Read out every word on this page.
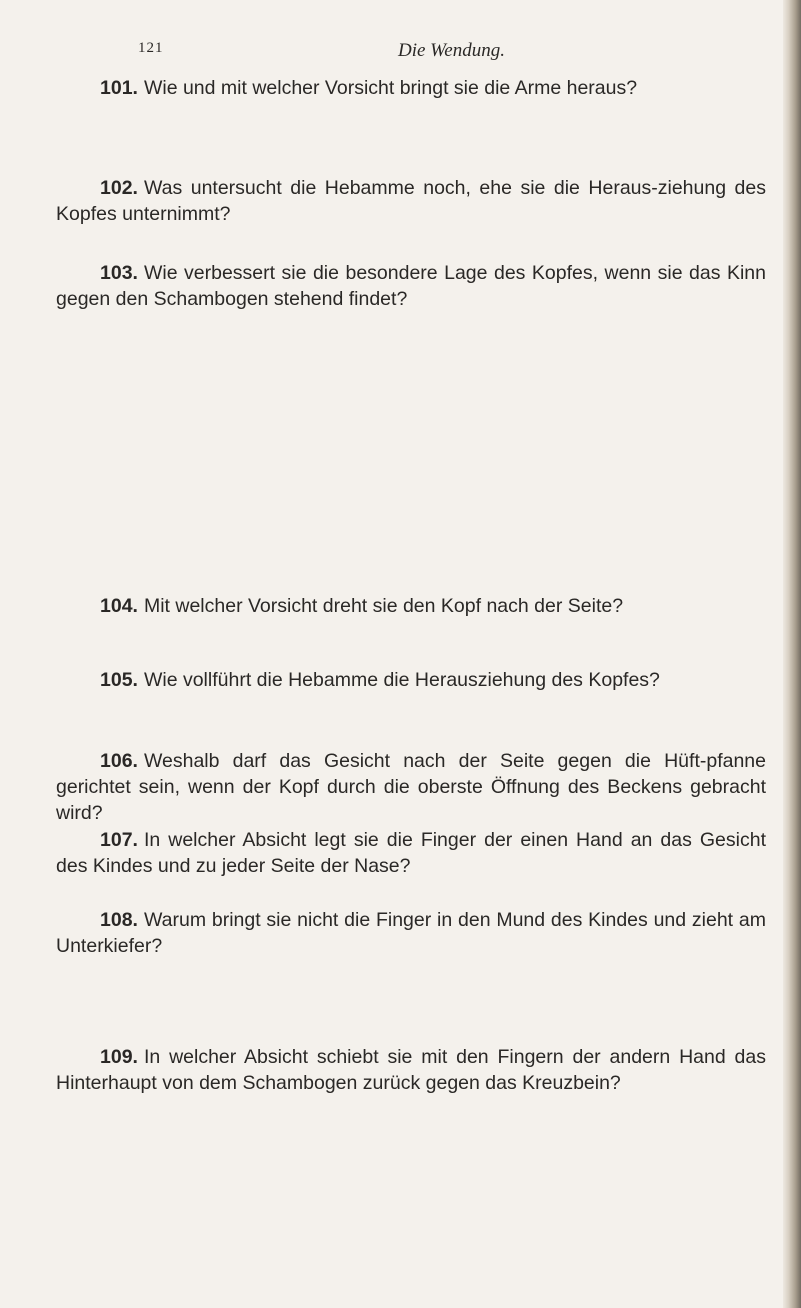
121	Die Wendung.

101. Wie und mit welcher Vorsicht bringt sie die Arme heraus?

102. Was untersucht die Hebamme noch, ehe sie die Heraus-ziehung des Kopfes unternimmt?

103. Wie verbessert sie die besondere Lage des Kopfes, wenn sie das Kinn gegen den Schambogen stehend findet?

104. Mit welcher Vorsicht dreht sie den Kopf nach der Seite?

105. Wie vollführt die Hebamme die Herausziehung des Kopfes?

106. Weshalb darf das Gesicht nach der Seite gegen die Hüft-pfanne gerichtet sein, wenn der Kopf durch die oberste Öffnung des Beckens gebracht wird?

107. In welcher Absicht legt sie die Finger der einen Hand an das Gesicht des Kindes und zu jeder Seite der Nase?

108. Warum bringt sie nicht die Finger in den Mund des Kindes und zieht am Unterkiefer?

109. In welcher Absicht schiebt sie mit den Fingern der andern Hand das Hinterhaupt von dem Schambogen zurück gegen das Kreuzbein?
